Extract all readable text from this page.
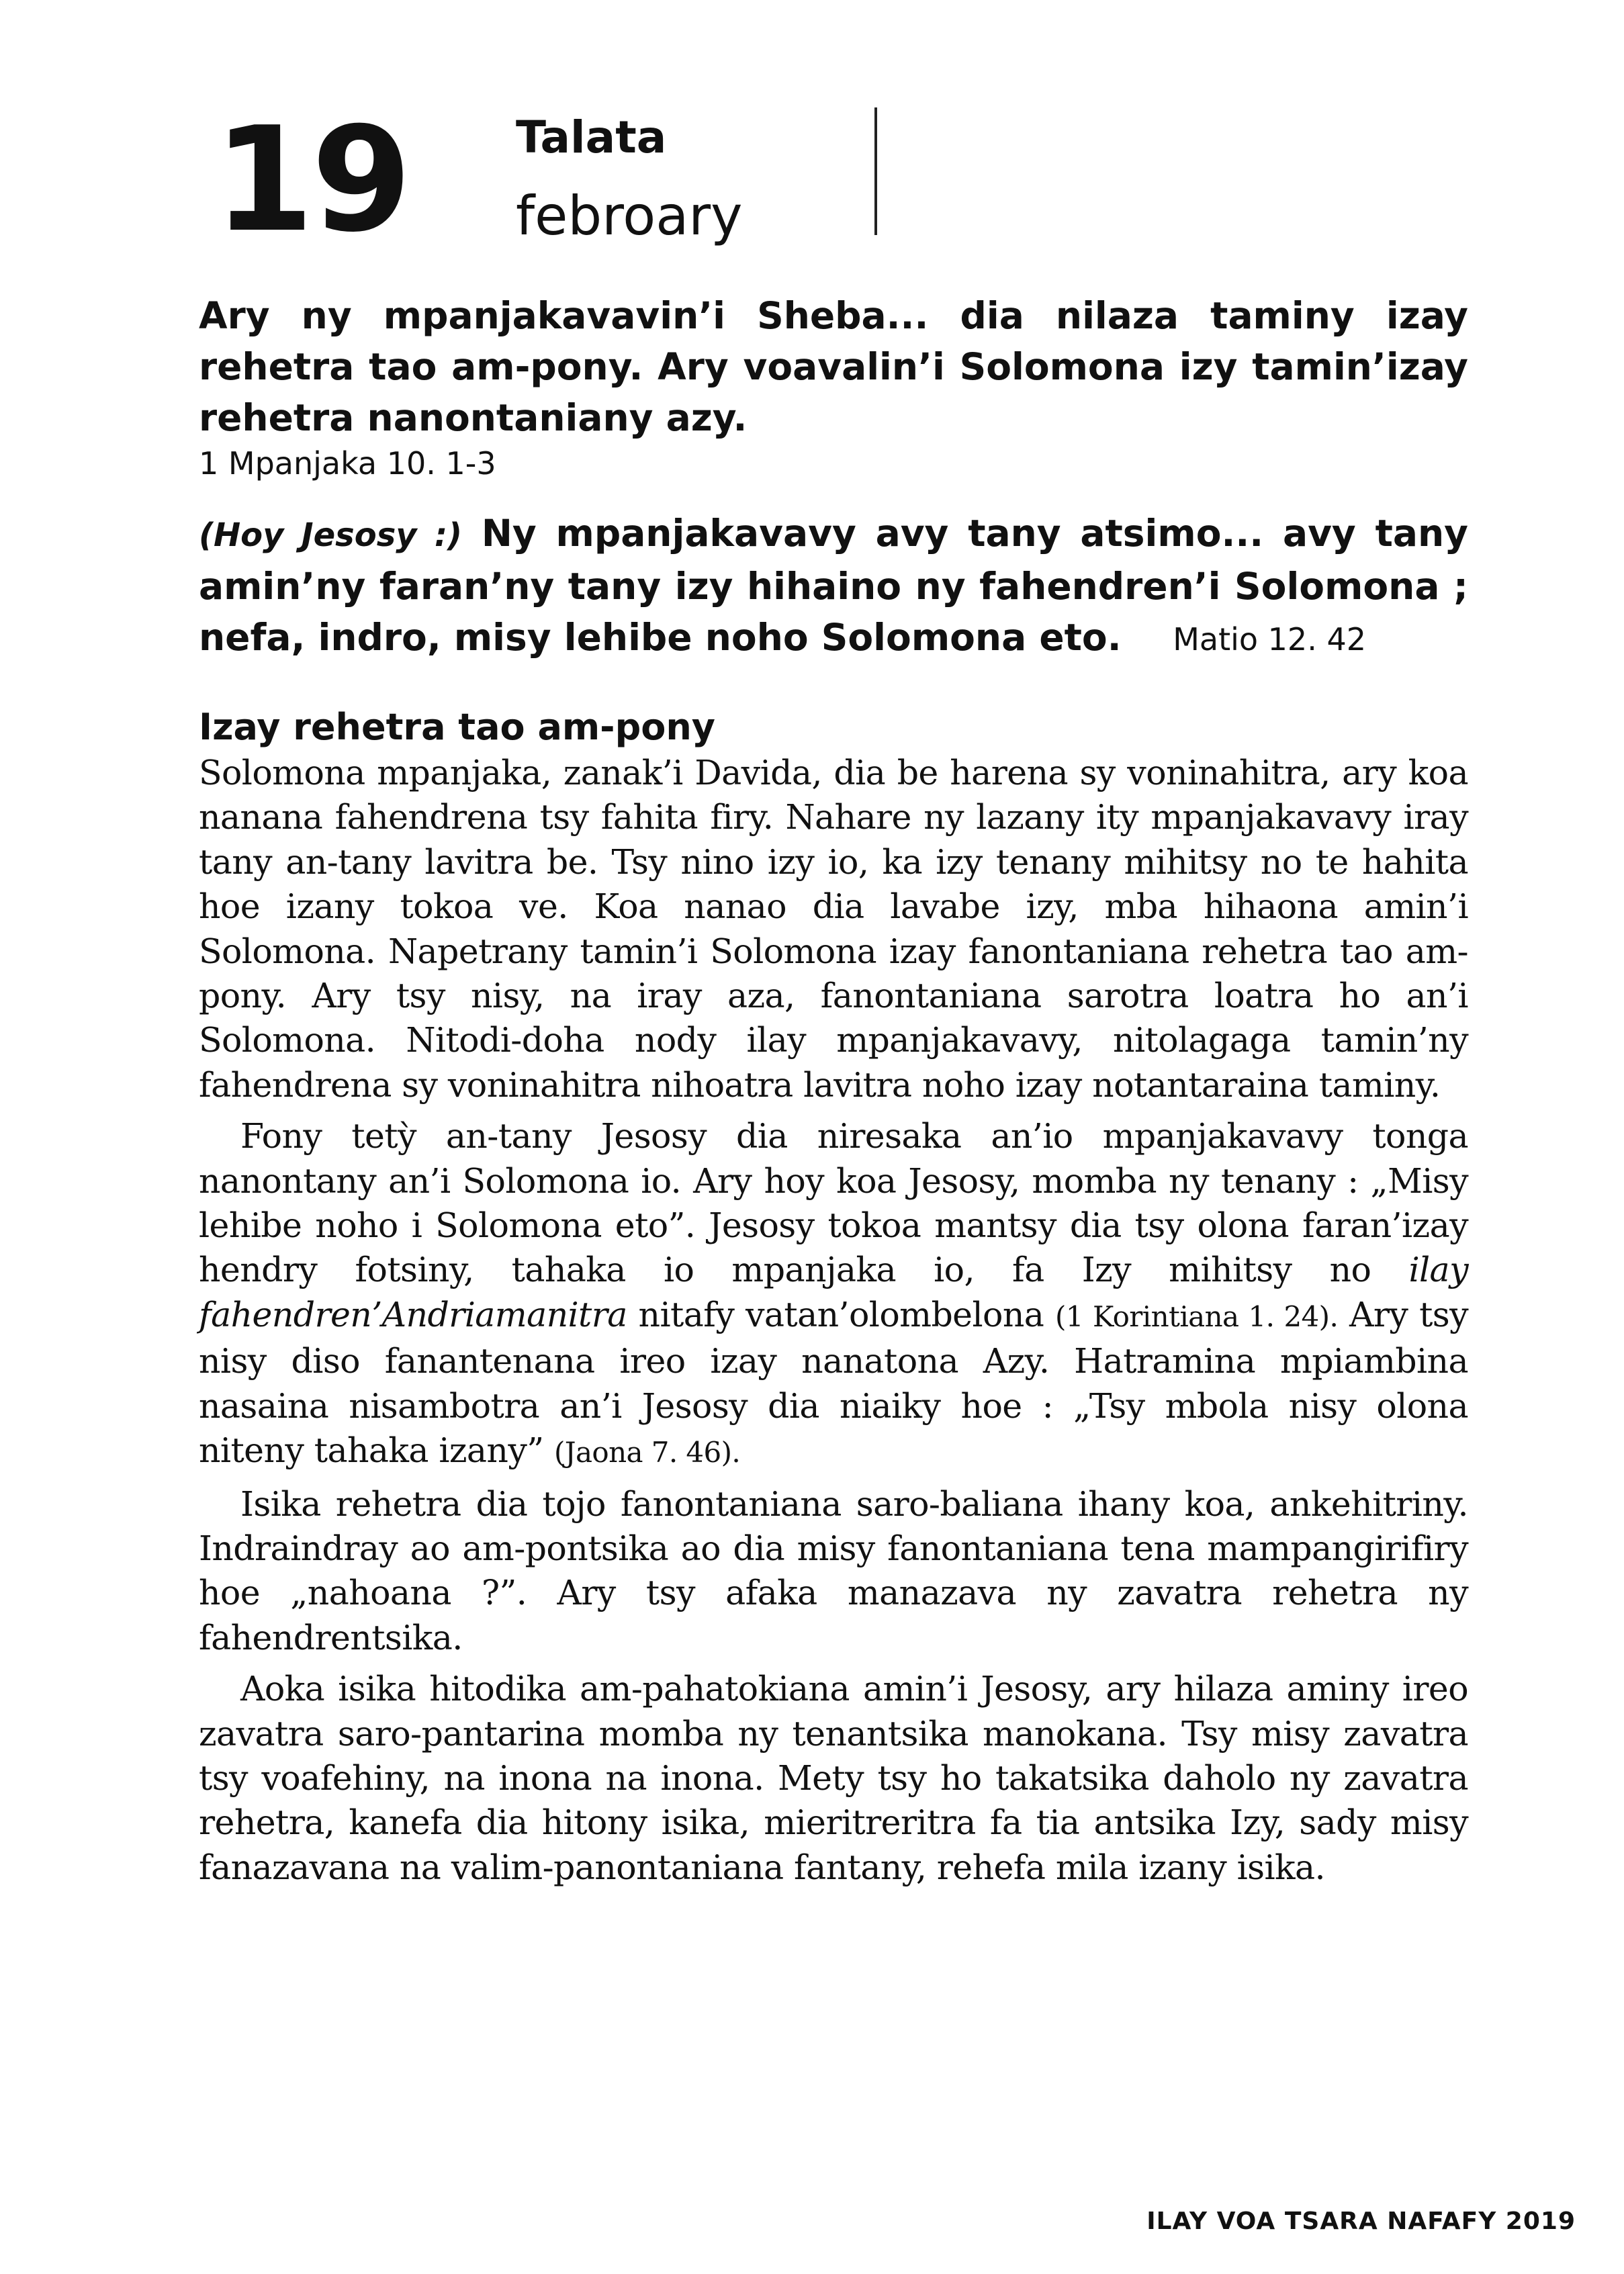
19 Talata
febroary

Ary ny mpanjakavavin’i Sheba... dia nilaza taminy izay rehetra tao am-pony. Ary voavalin’i Solomona izy tamin’izay rehetra nanontaniany azy.

1 Mpanjaka 10. 1-3

(Hoy Jesosy :) Ny mpanjakavavy avy tany atsimo... avy tany amin’ny faran’ny tany izy hihaino ny fahendren’i Solomona ; nefa, indro, misy lehibe noho Solomona eto. Matio 12. 42

Izay rehetra tao am-pony

Solomona mpanjaka, zanak’i Davida, dia be harena sy voninahitra, ary koa nanana fahendrena tsy fahita firy. Nahare ny lazany ity mpanjakavavy iray tany an-tany lavitra be. Tsy nino izy io, ka izy tenany mihitsy no te hahita hoe izany tokoa ve. Koa nanao dia lavabe izy, mba hihaona amin’i Solomona. Napetrany tamin’i Solomona izay fanontaniana rehetra tao am-pony. Ary tsy nisy, na iray aza, fanontaniana sarotra loatra ho an’i Solomona. Nitodi-doha nody ilay mpanjakavavy, nitolagaga tamin’ny fahendrena sy voninahitra nihoatra lavitra noho izay notantaraina taminy.

Fony tetỳ an-tany Jesosy dia niresaka an’io mpanjakavavy tonga nanontany an’i Solomona io. Ary hoy koa Jesosy, momba ny tenany : „Misy lehibe noho i Solomona eto”. Jesosy tokoa mantsy dia tsy olona faran’izay hendry fotsiny, tahaka io mpanjaka io, fa Izy mihitsy no ilay fahendren’Andriamanitra nitafy vatan’olombelona (1 Korintiana 1. 24). Ary tsy nisy diso fanantenana ireo izay nanatona Azy. Hatramina mpiambina nasaina nisambotra an’i Jesosy dia niaiky hoe : „Tsy mbola nisy olona niteny tahaka izany” (Jaona 7. 46).

Isika rehetra dia tojo fanontaniana saro-baliana ihany koa, ankehitriny. Indraindray ao am-pontsika ao dia misy fanontaniana tena mampangirifiry hoe „nahoana ?”. Ary tsy afaka manazava ny zavatra rehetra ny fahendrentsika.

Aoka isika hitodika am-pahatokiana amin’i Jesosy, ary hilaza aminy ireo zavatra saro-pantarina momba ny tenantsika manokana. Tsy misy zavatra tsy voafehiny, na inona na inona. Mety tsy ho takatsika daholo ny zavatra rehetra, kanefa dia hitony isika, mieritreritra fa tia antsika Izy, sady misy fanazavana na valim-panontaniana fantany, rehefa mila izany isika.

ILAY VOA TSARA NAFAFY 2019
